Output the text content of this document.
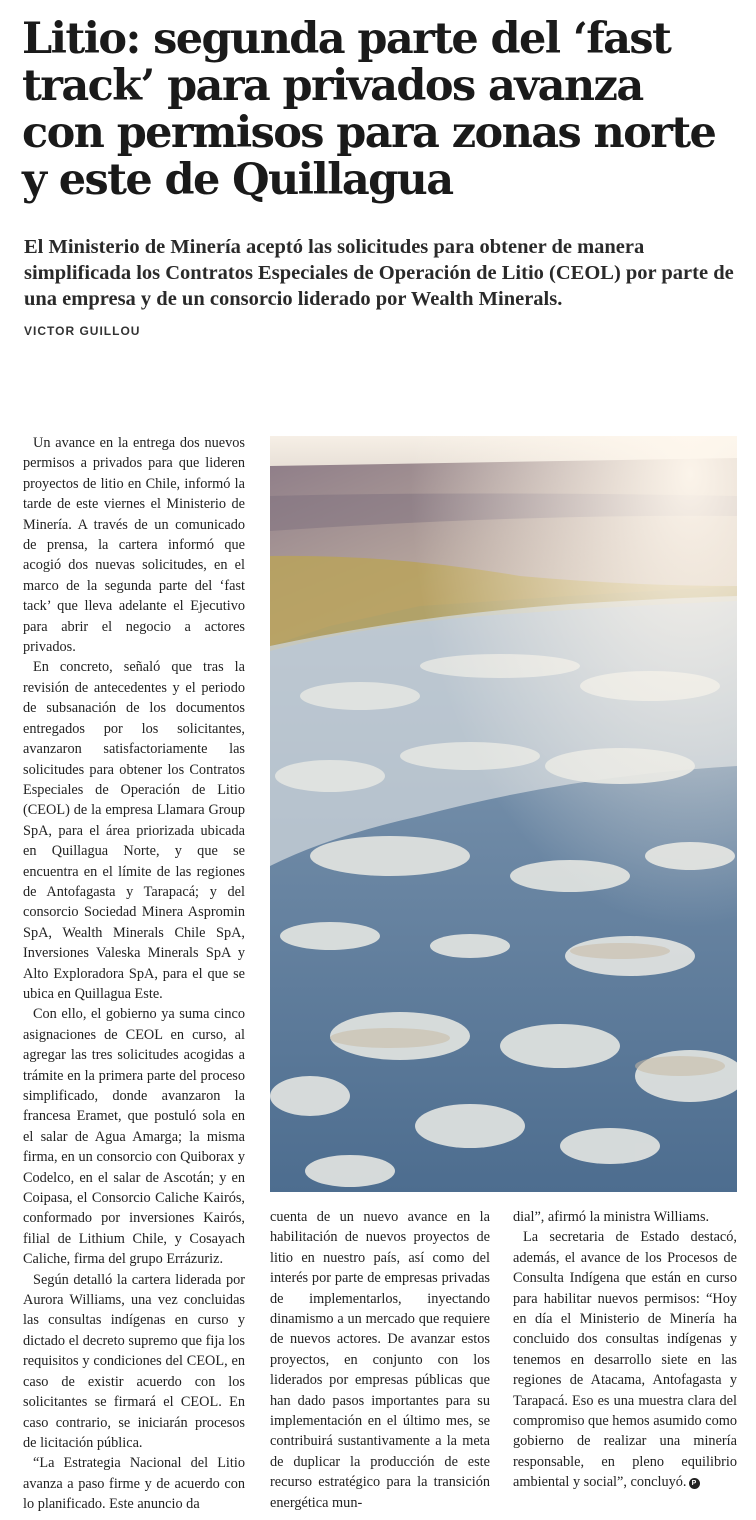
Litio: segunda parte del ‘fast track’ para privados avanza con permisos para zonas norte y este de Quillagua

El Ministerio de Minería aceptó las solicitudes para obtener de manera simplificada los Contratos Especiales de Operación de Litio (CEOL) por parte de una empresa y de un consorcio liderado por Wealth Minerals.

VICTOR GUILLOU

Un avance en la entrega dos nuevos permisos a privados para que lideren proyectos de litio en Chile, informó la tarde de este viernes el Ministerio de Minería. A través de un comunicado de prensa, la cartera informó que acogió dos nuevas solicitudes, en el marco de la segunda parte del ‘fast tack’ que lleva adelante el Ejecutivo para abrir el negocio a actores privados.

En concreto, señaló que tras la revisión de antecedentes y el periodo de subsanación de los documentos entregados por los solicitantes, avanzaron satisfactoriamente las solicitudes para obtener los Contratos Especiales de Operación de Litio (CEOL) de la empresa Llamara Group SpA, para el área priorizada ubicada en Quillagua Norte, y que se encuentra en el límite de las regiones de Antofagasta y Tarapacá; y del consorcio Sociedad Minera Aspromin SpA, Wealth Minerals Chile SpA, Inversiones Valeska Minerals SpA y Alto Exploradora SpA, para el que se ubica en Quillagua Este.

Con ello, el gobierno ya suma cinco asignaciones de CEOL en curso, al agregar las tres solicitudes acogidas a trámite en la primera parte del proceso simplificado, donde avanzaron la francesa Eramet, que postuló sola en el salar de Agua Amarga; la misma firma, en un consorcio con Quiborax y Codelco, en el salar de Ascotán; y en Coipasa, el Consorcio Caliche Kairós, conformado por inversiones Kairós, filial de Lithium Chile, y Cosayach Caliche, firma del grupo Errázuriz.

Según detalló la cartera liderada por Aurora Williams, una vez concluidas las consultas indígenas en curso y dictado el decreto supremo que fija los requisitos y condiciones del CEOL, en caso de existir acuerdo con los solicitantes se firmará el CEOL. En caso contrario, se iniciarán procesos de licitación pública.

“La Estrategia Nacional del Litio avanza a paso firme y de acuerdo con lo planificado. Este anuncio da

cuenta de un nuevo avance en la habilitación de nuevos proyectos de litio en nuestro país, así como del interés por parte de empresas privadas de implementarlos, inyectando dinamismo a un mercado que requiere de nuevos actores. De avanzar estos proyectos, en conjunto con los liderados por empresas públicas que han dado pasos importantes para su implementación en el último mes, se contribuirá sustantivamente a la meta de duplicar la producción de este recurso estratégico para la transición energética mun-

dial”, afirmó la ministra Williams.

La secretaria de Estado destacó, además, el avance de los Procesos de Consulta Indígena que están en curso para habilitar nuevos permisos: “Hoy en día el Ministerio de Minería ha concluido dos consultas indígenas y tenemos en desarrollo siete en las regiones de Atacama, Antofagasta y Tarapacá. Eso es una muestra clara del compromiso que hemos asumido como gobierno de realizar una minería responsable, en pleno equilibrio ambiental y social”, concluyó. P
